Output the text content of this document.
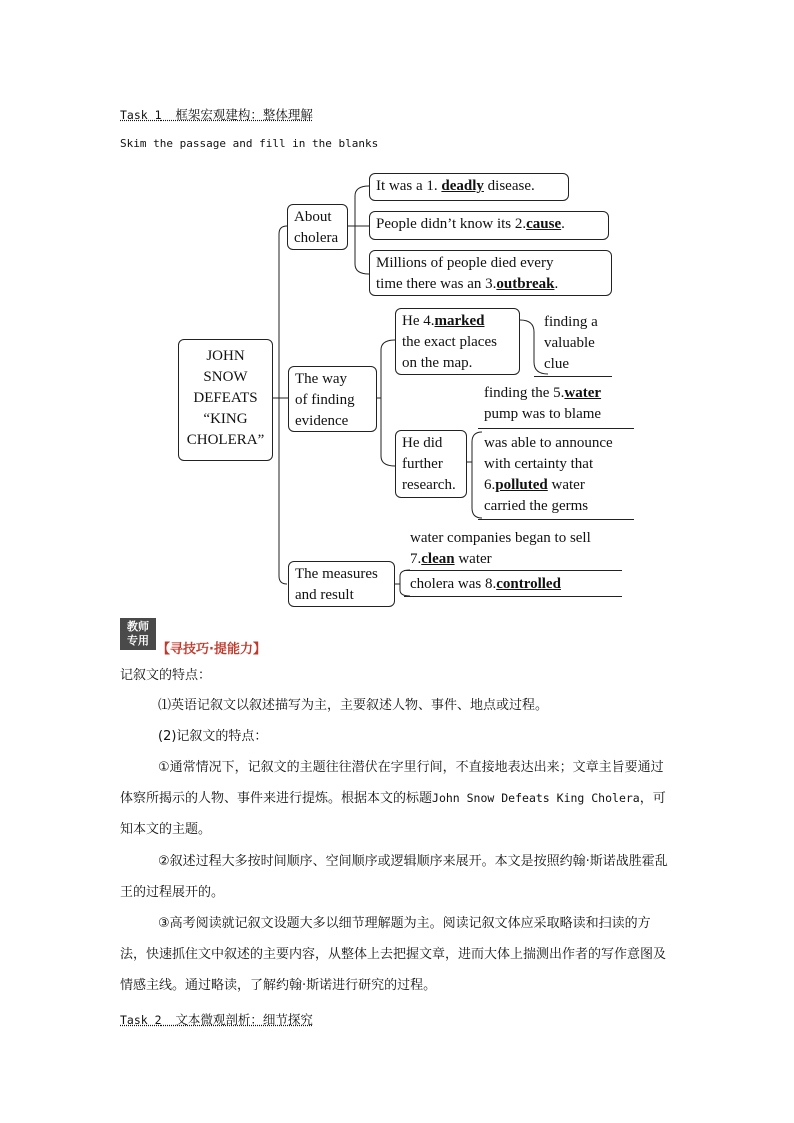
Task 1 框架宏观建构：整体理解
Skim the passage and fill in the blanks
JOHN
SNOW
DEFEATS
“KING
CHOLERA”
About
cholera
It was a 1. deadly disease.
People didn’t know its 2.cause.
Millions of people died every
time there was an 3.outbreak.
The way
of finding
evidence
He 4.marked
the exact places
on the map.
finding a
valuable
clue
finding the 5.water
pump was to blame
He did
further
research.
was able to announce
with certainty that
6.polluted water
carried the germs
The measures
and result
water companies began to sell
7.clean water
cholera was 8.controlled
教师
专用
【寻技巧·提能力】
记叙文的特点：
⑴英语记叙文以叙述描写为主，主要叙述人物、事件、地点或过程。
(2)记叙文的特点：
①通常情况下，记叙文的主题往往潜伏在字里行间，不直接地表达出来；文章主旨要通过体察所揭示的人物、事件来进行提炼。根据本文的标题John Snow Defeats King Cholera，可知本文的主题。
②叙述过程大多按时间顺序、空间顺序或逻辑顺序来展开。本文是按照约翰·斯诺战胜霍乱王的过程展开的。
③高考阅读就记叙文设题大多以细节理解题为主。阅读记叙文体应采取略读和扫读的方法，快速抓住文中叙述的主要内容，从整体上去把握文章，进而大体上揣测出作者的写作意图及情感主线。通过略读，了解约翰·斯诺进行研究的过程。
Task 2 文本微观剖析：细节探究
